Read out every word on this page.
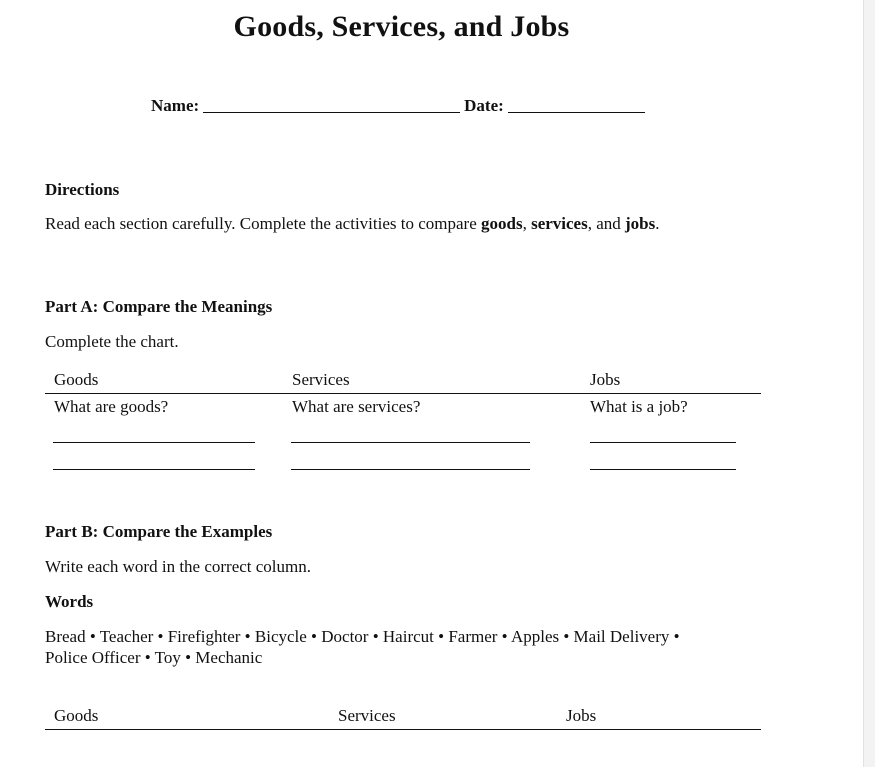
Goods, Services, and Jobs
Name:	Date:
Directions
Read each section carefully. Complete the activities to compare goods, services, and jobs.
Part A: Compare the Meanings
Complete the chart.
Goods	Services	Jobs
What are goods?	What are services?	What is a job?
Part B: Compare the Examples
Write each word in the correct column.
Words
Bread • Teacher • Firefighter • Bicycle • Doctor • Haircut • Farmer • Apples • Mail Delivery •
Police Officer • Toy • Mechanic
Goods	Services	Jobs
